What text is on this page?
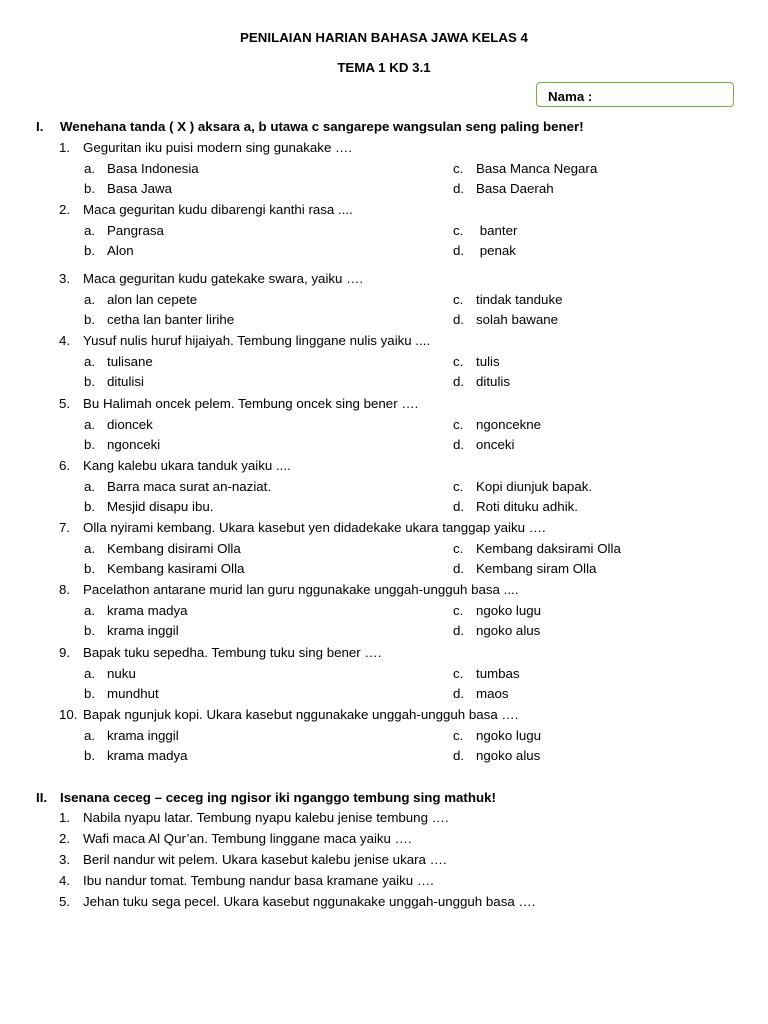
PENILAIAN HARIAN BAHASA JAWA KELAS 4
TEMA 1 KD 3.1
Nama :
I. Wenehana tanda ( X ) aksara a, b utawa c sangarepe wangsulan seng paling bener!
1. Geguritan iku puisi modern sing gunakake ….
a. Basa Indonesia
b. Basa Jawa
c. Basa Manca Negara
d. Basa Daerah
2. Maca geguritan kudu dibarengi kanthi rasa ....
a. Pangrasa
b. Alon
c. banter
d. penak
3. Maca geguritan kudu gatekake swara, yaiku ….
a. alon lan cepete
b. cetha lan banter lirihe
c. tindak tanduke
d. solah bawane
4. Yusuf nulis huruf hijaiyah. Tembung linggane nulis yaiku ....
a. tulisane
b. ditulisi
c. tulis
d. ditulis
5. Bu Halimah oncek pelem. Tembung oncek sing bener ….
a. dioncek
b. ngonceki
c. ngoncekne
d. onceki
6. Kang kalebu ukara tanduk yaiku ....
a. Barra maca surat an-naziat.
b. Mesjid disapu ibu.
c. Kopi diunjuk bapak.
d. Roti dituku adhik.
7. Olla nyirami kembang. Ukara kasebut yen didadekake ukara tanggap yaiku ….
a. Kembang disirami Olla
b. Kembang kasirami Olla
c. Kembang daksirami Olla
d. Kembang siram Olla
8. Pacelathon antarane murid lan guru nggunakake unggah-ungguh basa ....
a. krama madya
b. krama inggil
c. ngoko lugu
d. ngoko alus
9. Bapak tuku sepedha. Tembung tuku sing bener ….
a. nuku
b. mundhut
c. tumbas
d. maos
10. Bapak ngunjuk kopi. Ukara kasebut nggunakake unggah-ungguh basa ….
a. krama inggil
b. krama madya
c. ngoko lugu
d. ngoko alus
II. Isenana ceceg – ceceg ing ngisor iki nganggo tembung sing mathuk!
1. Nabila nyapu latar. Tembung nyapu kalebu jenise tembung ….
2. Wafi maca Al Qur’an. Tembung linggane maca yaiku ….
3. Beril nandur wit pelem. Ukara kasebut kalebu jenise ukara ….
4. Ibu nandur tomat. Tembung nandur basa kramane yaiku ….
5. Jehan tuku sega pecel. Ukara kasebut nggunakake unggah-ungguh basa ….
